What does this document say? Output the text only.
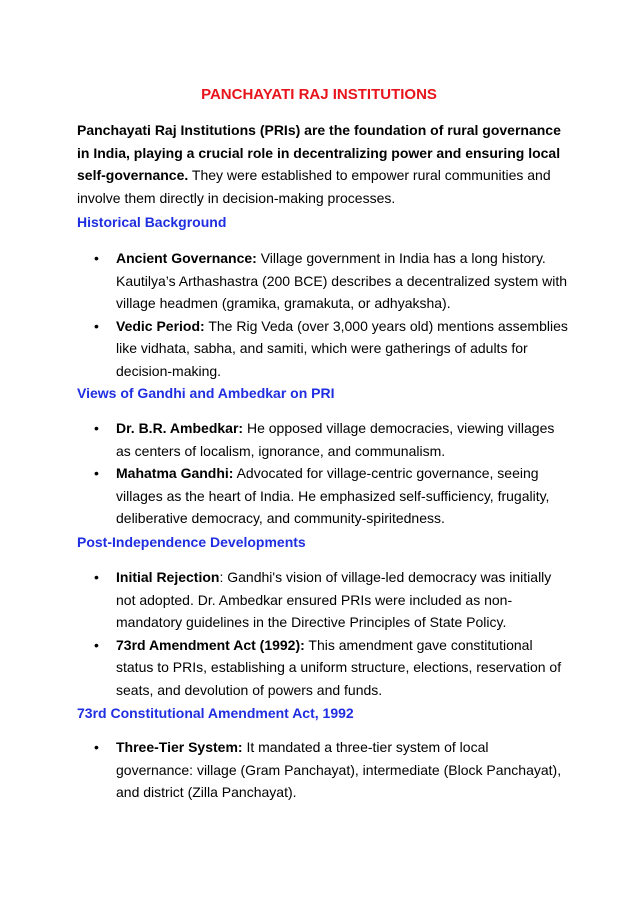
PANCHAYATI RAJ INSTITUTIONS

Panchayati Raj Institutions (PRIs) are the foundation of rural governance in India, playing a crucial role in decentralizing power and ensuring local self-governance. They were established to empower rural communities and involve them directly in decision-making processes.

Historical Background
• Ancient Governance: Village government in India has a long history. Kautilya’s Arthashastra (200 BCE) describes a decentralized system with village headmen (gramika, gramakuta, or adhyaksha).
• Vedic Period: The Rig Veda (over 3,000 years old) mentions assemblies like vidhata, sabha, and samiti, which were gatherings of adults for decision-making.
Views of Gandhi and Ambedkar on PRI
• Dr. B.R. Ambedkar: He opposed village democracies, viewing villages as centers of localism, ignorance, and communalism.
• Mahatma Gandhi: Advocated for village-centric governance, seeing villages as the heart of India. He emphasized self-sufficiency, frugality, deliberative democracy, and community-spiritedness.
Post-Independence Developments
• Initial Rejection: Gandhi's vision of village-led democracy was initially not adopted. Dr. Ambedkar ensured PRIs were included as non-mandatory guidelines in the Directive Principles of State Policy.
• 73rd Amendment Act (1992): This amendment gave constitutional status to PRIs, establishing a uniform structure, elections, reservation of seats, and devolution of powers and funds.
73rd Constitutional Amendment Act, 1992
• Three-Tier System: It mandated a three-tier system of local governance: village (Gram Panchayat), intermediate (Block Panchayat), and district (Zilla Panchayat).
